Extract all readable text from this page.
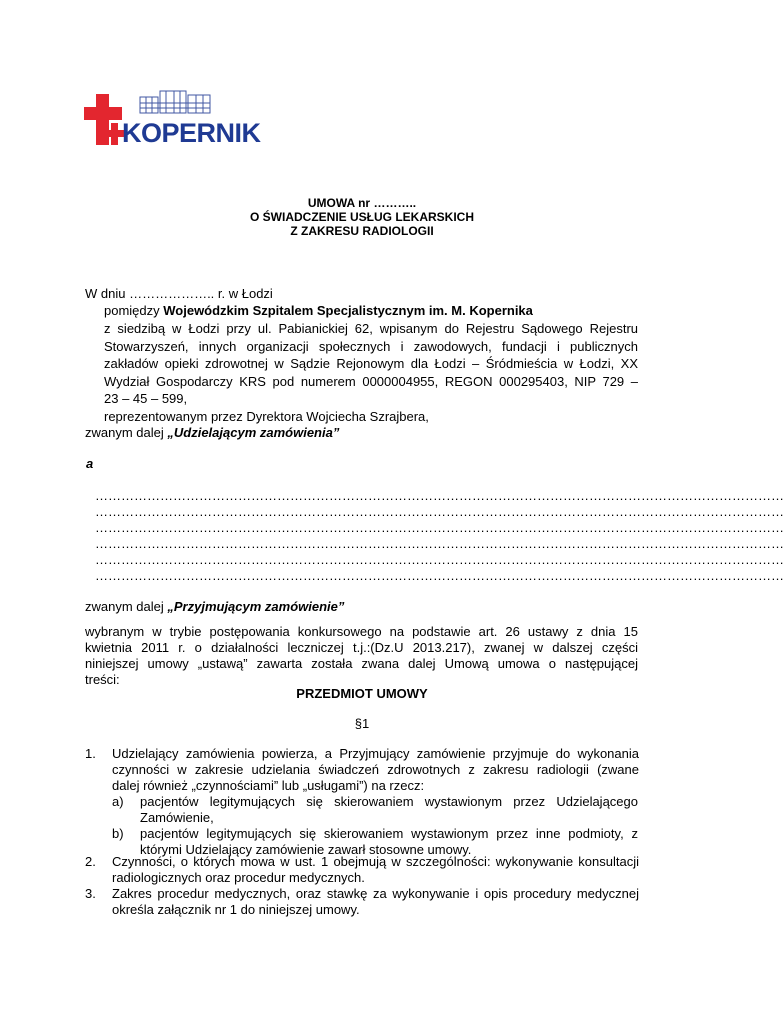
KOPERNIK
UMOWA nr ………..
O ŚWIADCZENIE USŁUG LEKARSKICH
Z ZAKRESU RADIOLOGII
W dniu ……………….. r. w Łodzi
pomiędzy Wojewódzkim Szpitalem Specjalistycznym im. M. Kopernika
z siedzibą w Łodzi przy ul. Pabianickiej 62, wpisanym do Rejestru Sądowego Rejestru
Stowarzyszeń, innych organizacji społecznych i zawodowych, fundacji i publicznych
zakładów opieki zdrowotnej w Sądzie Rejonowym dla Łodzi – Śródmieścia w Łodzi, XX
Wydział Gospodarczy KRS pod numerem 0000004955, REGON 000295403, NIP 729 –
23 – 45 – 599,
reprezentowanym przez Dyrektora Wojciecha Szrajbera,
zwanym dalej „Udzielającym zamówienia”
a
……………………………………………………………………………………………………………………………………………
……………………………………………………………………………………………………………………………………………
……………………………………………………………………………………………………………………………………………
……………………………………………………………………………………………………………………………………………
……………………………………………………………………………………………………………………………………………
……………………………………………………………………………………………………………………………………………
zwanym dalej „Przyjmującym zamówienie”
wybranym w trybie postępowania konkursowego na podstawie art. 26 ustawy z dnia 15
kwietnia 2011 r. o działalności leczniczej t.j.:(Dz.U 2013.217), zwanej w dalszej części
niniejszej umowy „ustawą” zawarta została zwana dalej Umową umowa o następującej
treści:
PRZEDMIOT UMOWY
§1
1. Udzielający zamówienia powierza, a Przyjmujący zamówienie przyjmuje do wykonania
czynności w zakresie udzielania świadczeń zdrowotnych z zakresu radiologii (zwane
dalej również „czynnościami” lub „usługami”) na rzecz:
a) pacjentów legitymujących się skierowaniem wystawionym przez Udzielającego
Zamówienie,
b) pacjentów legitymujących się skierowaniem wystawionym przez inne podmioty, z
którymi Udzielający zamówienie zawarł stosowne umowy.
2. Czynności, o których mowa w ust. 1 obejmują w szczególności: wykonywanie konsultacji
radiologicznych oraz procedur medycznych.
3. Zakres procedur medycznych, oraz stawkę za wykonywanie i opis procedury medycznej
określa załącznik nr 1 do niniejszej umowy.
